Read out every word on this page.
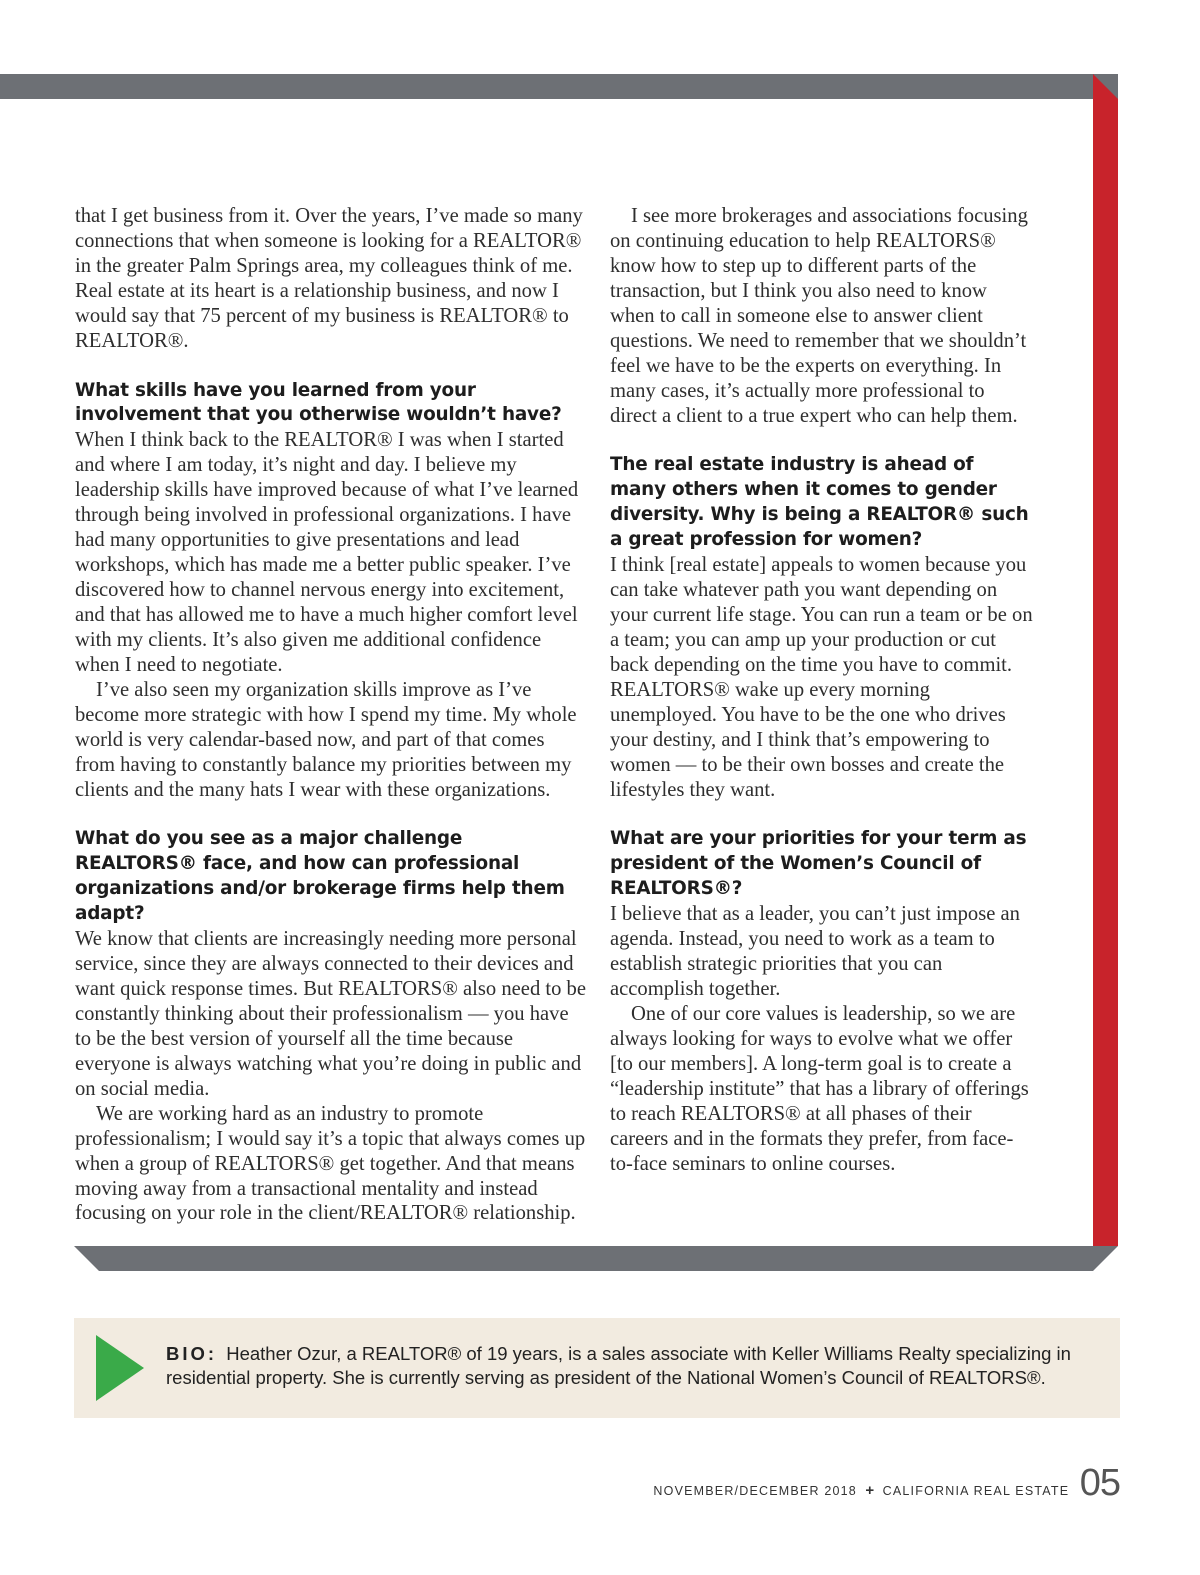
that I get business from it. Over the years, I’ve made so many connections that when someone is looking for a REALTOR® in the greater Palm Springs area, my colleagues think of me. Real estate at its heart is a relationship business, and now I would say that 75 percent of my business is REALTOR® to REALTOR®.

What skills have you learned from your involvement that you otherwise wouldn’t have?

When I think back to the REALTOR® I was when I started and where I am today, it’s night and day. I believe my leadership skills have improved because of what I’ve learned through being involved in professional organizations. I have had many opportunities to give presentations and lead workshops, which has made me a better public speaker. I’ve discovered how to channel nervous energy into excitement, and that has allowed me to have a much higher comfort level with my clients. It’s also given me additional confidence when I need to negotiate.

I’ve also seen my organization skills improve as I’ve become more strategic with how I spend my time. My whole world is very calendar-based now, and part of that comes from having to constantly balance my priorities between my clients and the many hats I wear with these organizations.

What do you see as a major challenge REALTORS® face, and how can professional organizations and/or brokerage firms help them adapt?

We know that clients are increasingly needing more personal service, since they are always connected to their devices and want quick response times. But REALTORS® also need to be constantly thinking about their professionalism — you have to be the best version of yourself all the time because everyone is always watching what you’re doing in public and on social media.

We are working hard as an industry to promote professionalism; I would say it’s a topic that always comes up when a group of REALTORS® get together. And that means moving away from a transactional mentality and instead focusing on your role in the client/REALTOR® relationship.

I see more brokerages and associations focusing on continuing education to help REALTORS® know how to step up to different parts of the transaction, but I think you also need to know when to call in someone else to answer client questions. We need to remember that we shouldn’t feel we have to be the experts on everything. In many cases, it’s actually more professional to direct a client to a true expert who can help them.

The real estate industry is ahead of many others when it comes to gender diversity. Why is being a REALTOR® such a great profession for women?

I think [real estate] appeals to women because you can take whatever path you want depending on your current life stage. You can run a team or be on a team; you can amp up your production or cut back depending on the time you have to commit. REALTORS® wake up every morning unemployed. You have to be the one who drives your destiny, and I think that’s empowering to women — to be their own bosses and create the lifestyles they want.

What are your priorities for your term as president of the Women’s Council of REALTORS®?

I believe that as a leader, you can’t just impose an agenda. Instead, you need to work as a team to establish strategic priorities that you can accomplish together.

One of our core values is leadership, so we are always looking for ways to evolve what we offer [to our members]. A long-term goal is to create a “leadership institute” that has a library of offerings to reach REALTORS® at all phases of their careers and in the formats they prefer, from face-to-face seminars to online courses.

BIO: Heather Ozur, a REALTOR® of 19 years, is a sales associate with Keller Williams Realty specializing in residential property. She is currently serving as president of the National Women’s Council of REALTORS®.
NOVEMBER/DECEMBER 2018 + CALIFORNIA REAL ESTATE 05
